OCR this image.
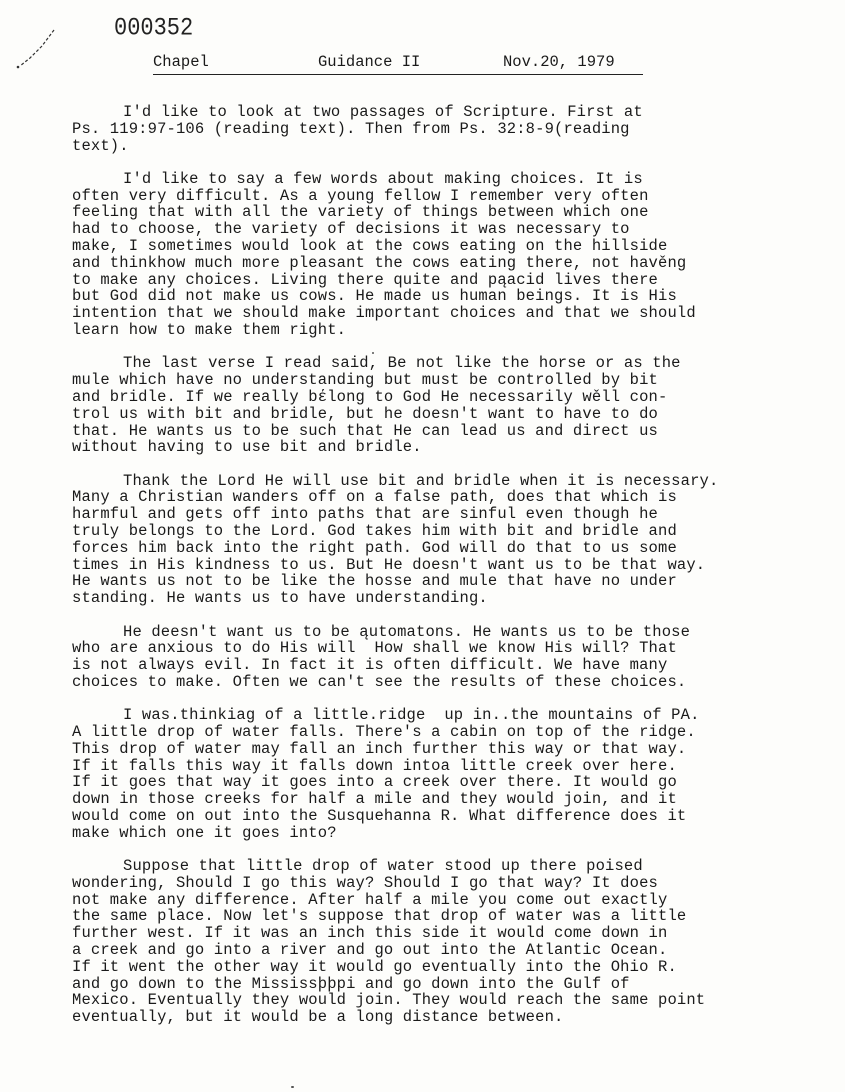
000352
Chapel	Guidance II	Nov.20, 1979
I'd like to look at two passages of Scripture. First at
Ps. 119:97-106 (reading text). Then from Ps. 32:8-9(reading
text).
I'd like to say a few words about making choices. It is
often very difficult. As a young fellow I remember very often
feeling that with all the variety of things between which one
had to choose, the variety of decisions it was necessary to
make, I sometimes would look at the cows eating on the hillside
and thinkhow much more pleasant the cows eating there, not havěng
to make any choices. Living there quite and pąacid lives there
but God did not make us cows. He made us human beings. It is His
intention that we should make important choices and that we should
learn how to make them right.
The last verse I read said, Be not like the horse or as the
mule which have no understanding but must be controlled by bit
and bridle. If we really bέlong to God He necessarily wěll con-
trol us with bit and bridle, but he doesn't want to have to do
that. He wants us to be such that He can lead us and direct us
without having to use bit and bridle.
Thank the Lord He will use bit and bridle when it is necessary.
Many a Christian wanders off on a false path, does that which is
harmful and gets off into paths that are sinful even though he
truly belongs to the Lord. God takes him with bit and bridle and
forces him back into the right path. God will do that to us some
times in His kindness to us. But He doesn't want us to be that way.
He wants us not to be like the hosse and mule that have no under
standing. He wants us to have understanding.
He deesn't want us to be ąutomatons. He wants us to be those
who are anxious to do His will  How shall we know His will? That
is not always evil. In fact it is often difficult. We have many
choices to make. Often we can't see the results of these choices.
I was.thinkiag of a little.ridge  up in..the mountains of PA.
A little drop of water falls. There's a cabin on top of the ridge.
This drop of water may fall an inch further this way or that way.
If it falls this way it falls down intoa little creek over here.
If it goes that way it goes into a creek over there. It would go
down in those creeks for half a mile and they would join, and it
would come on out into the Susquehanna R. What difference does it
make which one it goes into?
Suppose that little drop of water stood up there poised
wondering, Should I go this way? Should I go that way? It does
not make any difference. After half a mile you come out exactly
the same place. Now let's suppose that drop of water was a little
further west. If it was an inch this side it would come down in
a creek and go into a river and go out into the Atlantic Ocean.
If it went the other way it would go eventually into the Ohio R.
and go down to the Mississþþpi and go down into the Gulf of
Mexico. Eventually they would join. They would reach the same point
eventually, but it would be a long distance between.
